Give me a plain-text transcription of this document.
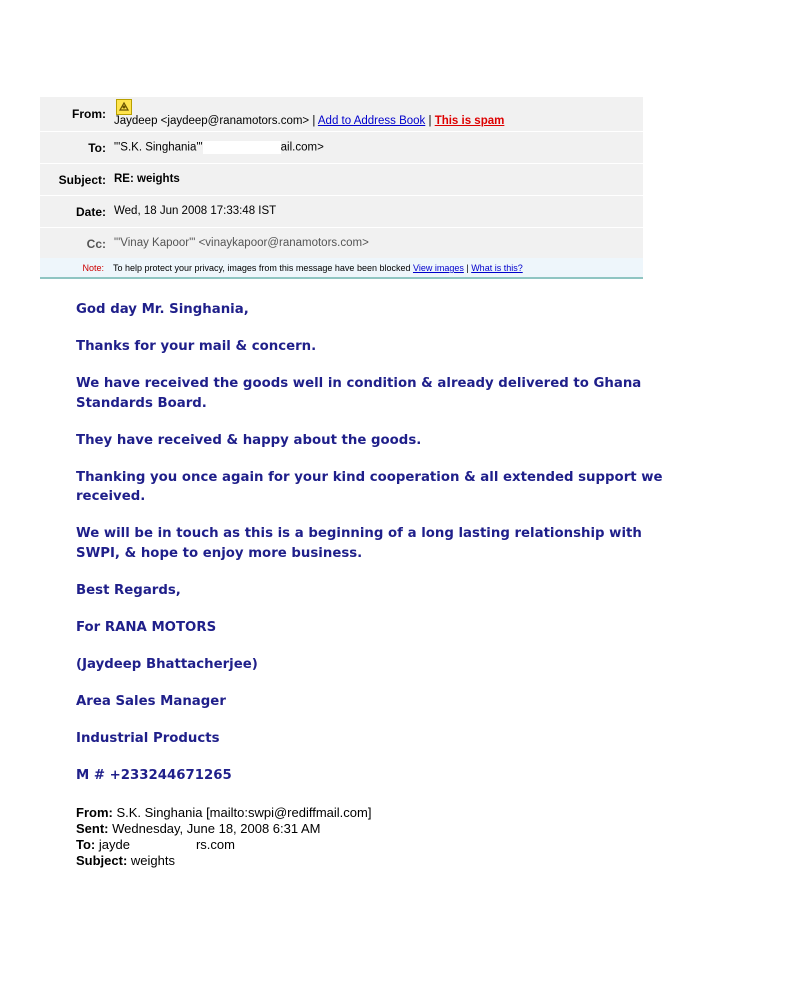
From: Jaydeep <jaydeep@ranamotors.com> | Add to Address Book | This is spam
To: "'S.K. Singhania'"	ail.com>
Subject: RE: weights
Date: Wed, 18 Jun 2008 17:33:48 IST
Cc: "'Vinay Kapoor'" <vinaykapoor@ranamotors.com>
Note: To help protect your privacy, images from this message have been blocked View images | What is this?

God day Mr. Singhania,

Thanks for your mail & concern.

We have received the goods well in condition & already delivered to Ghana Standards Board.

They have received & happy about the goods.

Thanking you once again for your kind cooperation & all extended support we received.

We will be in touch as this is a beginning of a long lasting relationship with SWPI, & hope to enjoy more business.

Best Regards,

For RANA MOTORS

(Jaydeep Bhattacherjee)

Area Sales Manager

Industrial Products

M # +233244671265

From: S.K. Singhania [mailto:swpi@rediffmail.com]
Sent: Wednesday, June 18, 2008 6:31 AM
To: jayde	rs.com
Subject: weights
